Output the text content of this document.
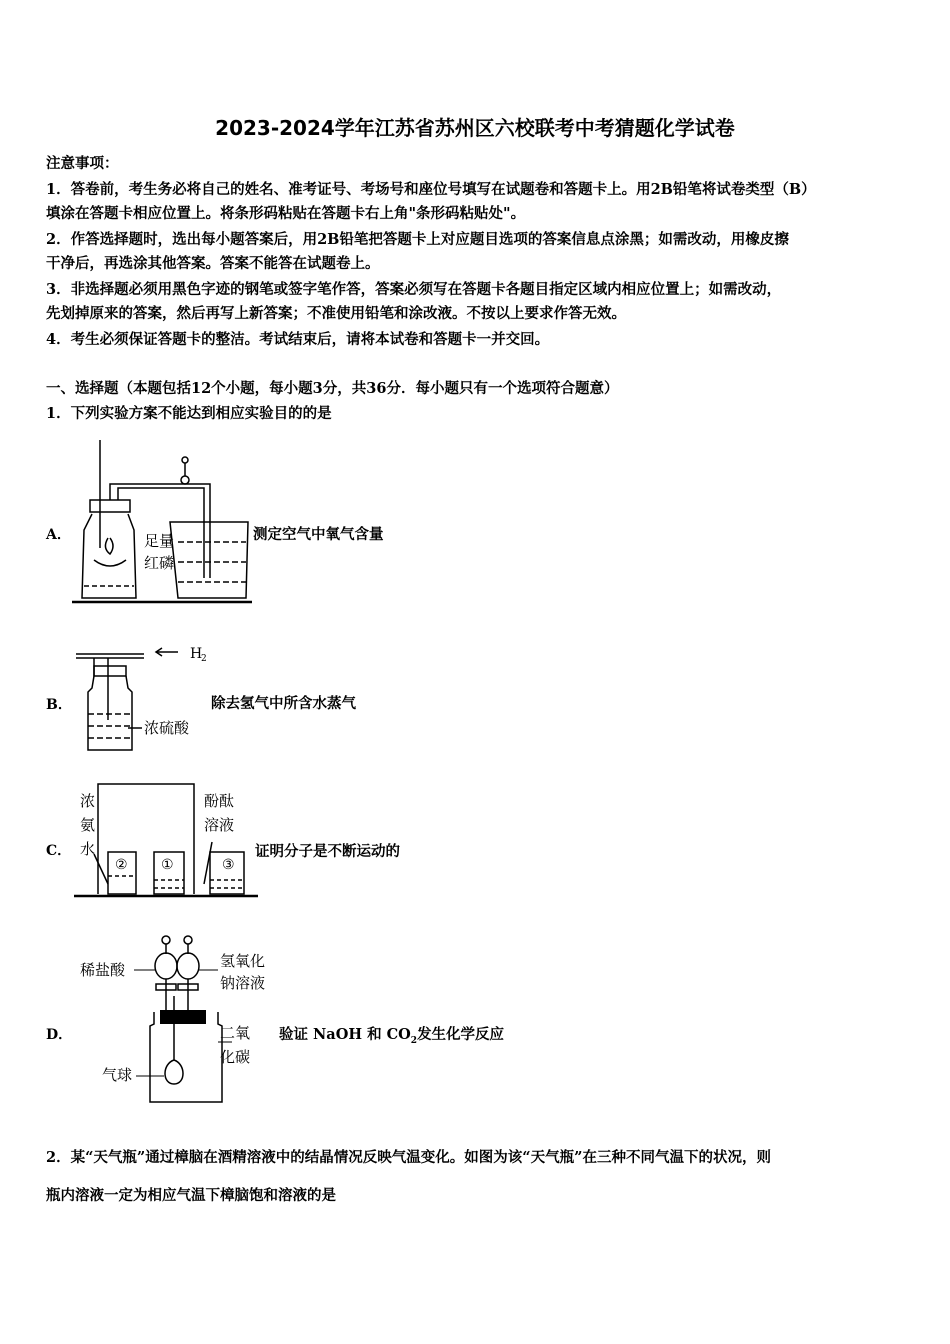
2023-2024学年江苏省苏州区六校联考中考猜题化学试卷
注意事项：
1．答卷前，考生务必将自己的姓名、准考证号、考场号和座位号填写在试题卷和答题卡上。用2B铅笔将试卷类型（B）
填涂在答题卡相应位置上。将条形码粘贴在答题卡右上角"条形码粘贴处"。
2．作答选择题时，选出每小题答案后，用2B铅笔把答题卡上对应题目选项的答案信息点涂黑；如需改动，用橡皮擦
干净后，再选涂其他答案。答案不能答在试题卷上。
3．非选择题必须用黑色字迹的钢笔或签字笔作答，答案必须写在答题卡各题目指定区域内相应位置上；如需改动，
先划掉原来的答案，然后再写上新答案；不准使用铅笔和涂改液。不按以上要求作答无效。
4．考生必须保证答题卡的整洁。考试结束后，请将本试卷和答题卡一并交回。
一、选择题（本题包括12个小题，每小题3分，共36分．每小题只有一个选项符合题意）
1．下列实验方案不能达到相应实验目的的是
A．	足量
红磷
测定空气中氧气含量
B．
H
2
浓硫酸
除去氢气中所含水蒸气
C．
浓
氨
水
酚酞
溶液
② ①	③
证明分子是不断运动的
D．
稀盐酸	氢氧化
钠溶液
二氧
化碳
气球
验证 NaOH 和 $CO_2$发生化学反应
2．某“天气瓶”通过樟脑在酒精溶液中的结晶情况反映气温变化。如图为该“天气瓶”在三种不同气温下的状况，则
瓶内溶液一定为相应气温下樟脑饱和溶液的是
